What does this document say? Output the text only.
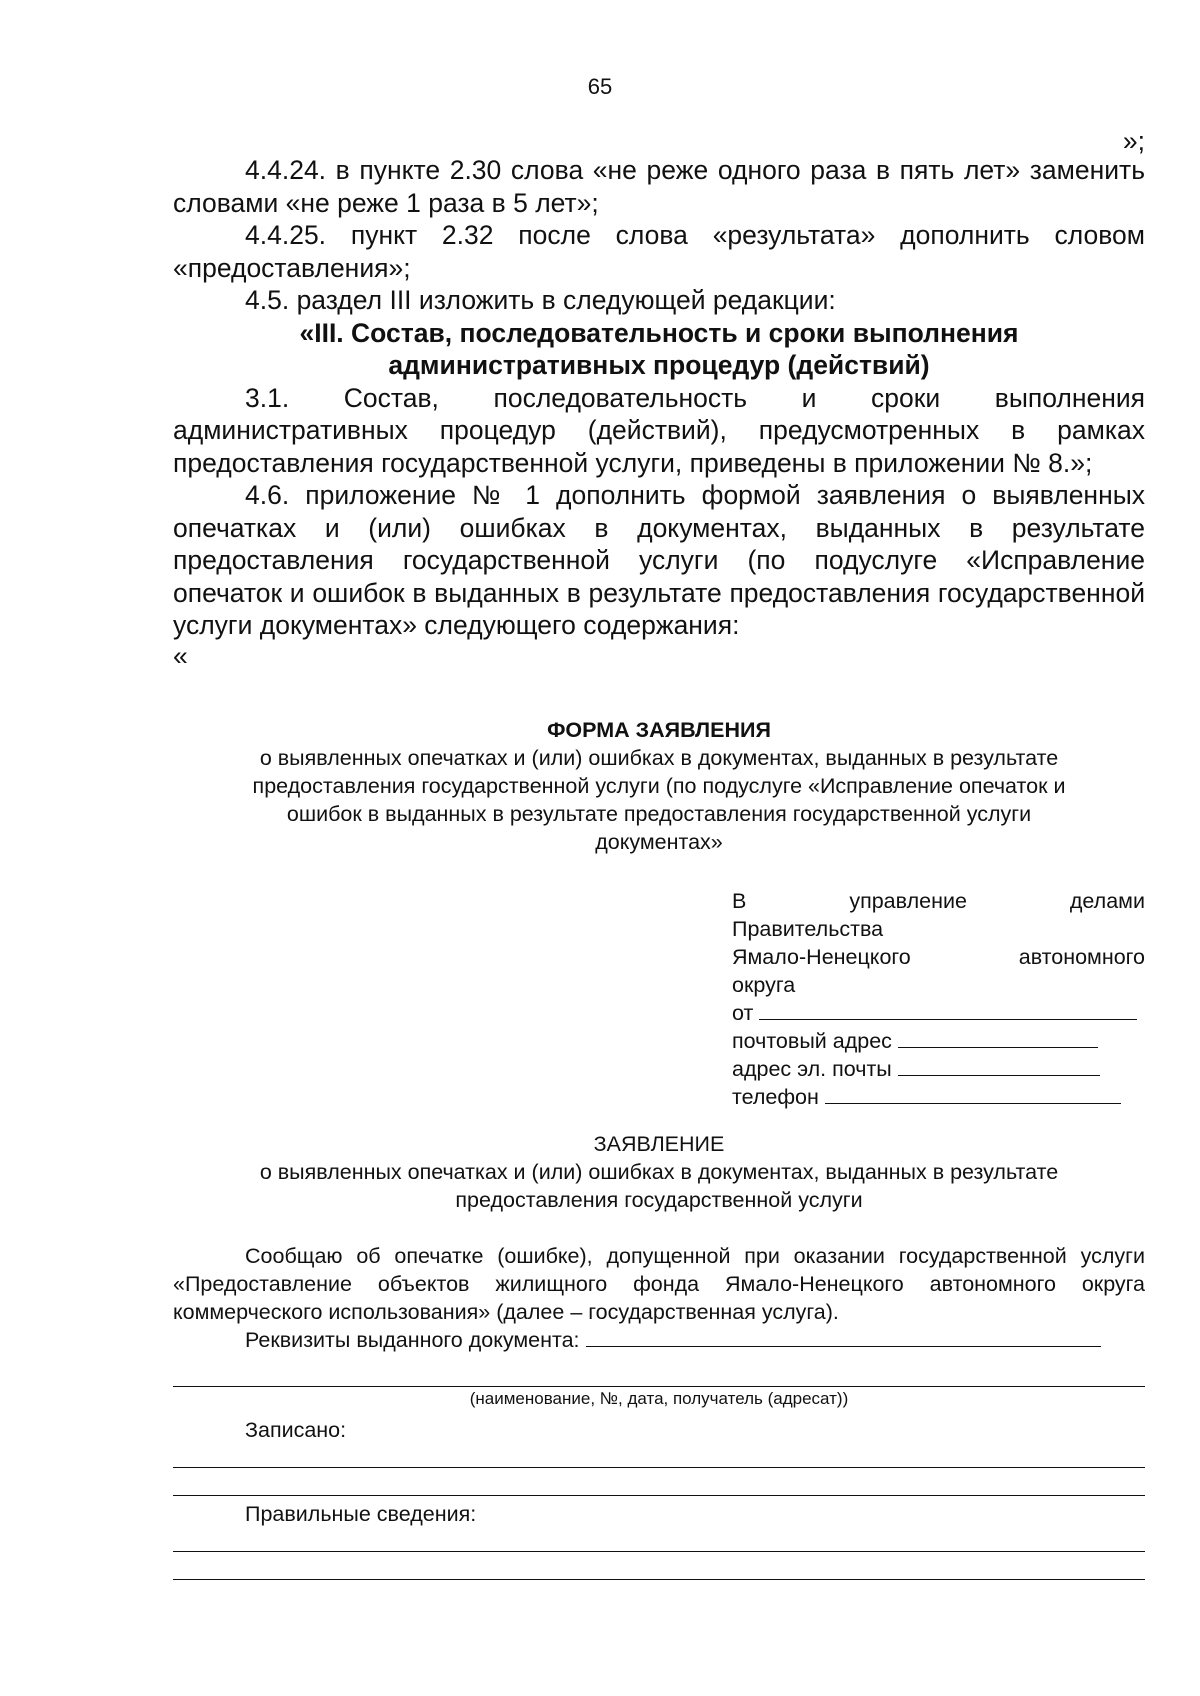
65

»;

4.4.24. в пункте 2.30 слова «не реже одного раза в пять лет» заменить словами «не реже 1 раза в 5 лет»;

4.4.25. пункт 2.32 после слова «результата» дополнить словом «предоставления»;

4.5. раздел III изложить в следующей редакции:

«III. Состав, последовательность и сроки выполнения

административных процедур (действий)

3.1. Состав, последовательность и сроки выполнения административных процедур (действий), предусмотренных в рамках предоставления государственной услуги, приведены в приложении № 8.»;

4.6. приложение № 1 дополнить формой заявления о выявленных опечатках и (или) ошибках в документах, выданных в результате предоставления государственной услуги (по подуслуге «Исправление опечаток и ошибок в выданных в результате предоставления государственной услуги документах» следующего содержания:

«

ФОРМА ЗАЯВЛЕНИЯ

о выявленных опечатках и (или) ошибках в документах, выданных в результате

предоставления государственной услуги (по подуслуге «Исправление опечаток и

ошибок в выданных в результате предоставления государственной услуги

документах»

В	управление	делами

Правительства

Ямало-Ненецкого	автономного

округа

от

почтовый адрес

адрес эл. почты

телефон

ЗАЯВЛЕНИЕ

о выявленных опечатках и (или) ошибках в документах, выданных в результате

предоставления государственной услуги

Сообщаю об опечатке (ошибке), допущенной при оказании государственной услуги «Предоставление объектов жилищного фонда Ямало-Ненецкого автономного округа коммерческого использования» (далее – государственная услуга).

Реквизиты выданного документа:

(наименование, №, дата, получатель (адресат))
Записано:
Правильные сведения:
